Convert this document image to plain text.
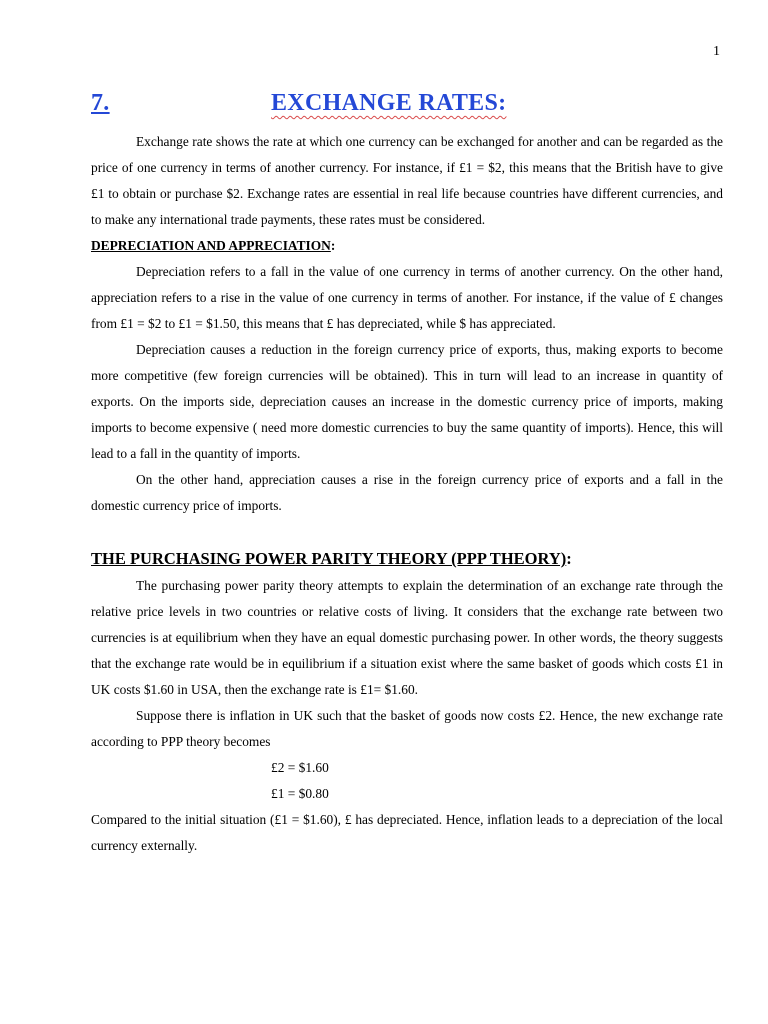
1
7.	EXCHANGE RATES:

Exchange rate shows the rate at which one currency can be exchanged for another and can be regarded as the price of one currency in terms of another currency. For instance, if £1 = $2, this means that the British have to give £1 to obtain or purchase $2. Exchange rates are essential in real life because countries have different currencies, and to make any international trade payments, these rates must be considered.

DEPRECIATION AND APPRECIATION:

Depreciation refers to a fall in the value of one currency in terms of another currency. On the other hand, appreciation refers to a rise in the value of one currency in terms of another. For instance, if the value of £ changes from £1 = $2 to £1 = $1.50, this means that £ has depreciated, while $ has appreciated.

Depreciation causes a reduction in the foreign currency price of exports, thus, making exports to become more competitive (few foreign currencies will be obtained). This in turn will lead to an increase in quantity of exports. On the imports side, depreciation causes an increase in the domestic currency price of imports, making imports to become expensive ( need more domestic currencies to buy the same quantity of imports). Hence, this will lead to a fall in the quantity of imports.

On the other hand, appreciation causes a rise in the foreign currency price of exports and a fall in the domestic currency price of imports.

THE PURCHASING POWER PARITY THEORY (PPP THEORY):

The purchasing power parity theory attempts to explain the determination of an exchange rate through the relative price levels in two countries or relative costs of living. It considers that the exchange rate between two currencies is at equilibrium when they have an equal domestic purchasing power. In other words, the theory suggests that the exchange rate would be in equilibrium if a situation exist where the same basket of goods which costs £1 in UK costs $1.60 in USA, then the exchange rate is £1= $1.60.

Suppose there is inflation in UK such that the basket of goods now costs £2. Hence, the new exchange rate according to PPP theory becomes

£2 = $1.60

£1 = $0.80

Compared to the initial situation (£1 = $1.60), £ has depreciated. Hence, inflation leads to a depreciation of the local currency externally.
